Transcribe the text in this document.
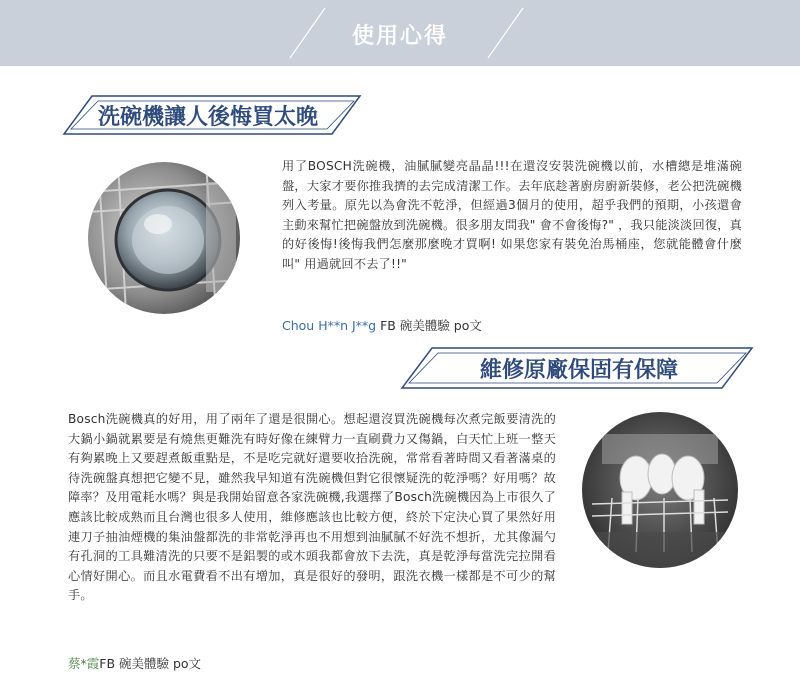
使用心得
洗碗機讓人後悔買太晚
用了BOSCH洗碗機，油膩膩變亮晶晶!!!在還沒安裝洗碗機以前，水槽總是堆滿碗盤，大家才要你推我擠的去完成清潔工作。去年底趁著廚房廚新裝修，老公把洗碗機列入考量。原先以為會洗不乾淨，但經過3個月的使用，超乎我們的預期，小孩還會主動來幫忙把碗盤放到洗碗機。很多朋友問我" 會不會後悔?" ，我只能淡淡回復，真的好後悔!後悔我們怎麼那麼晚才買啊! 如果您家有裝免治馬桶座，您就能體會什麼叫" 用過就回不去了!!"
Chou H**n J**g FB 碗美體驗 po文
維修原廠保固有保障
Bosch洗碗機真的好用，用了兩年了還是很開心。想起還沒買洗碗機每次煮完飯要清洗的大鍋小鍋就累要是有燒焦更難洗有時好像在練臂力一直刷費力又傷鍋，白天忙上班一整天有夠累晚上又要趕煮飯重點是，不是吃完就好還要收拾洗碗，常常看著時間又看著滿桌的待洗碗盤真想把它變不見，雖然我早知道有洗碗機但對它很懷疑洗的乾淨嗎？好用嗎？故障率？及用電耗水嗎？與是我開始留意各家洗碗機,我選擇了Bosch洗碗機因為上市很久了應該比較成熟而且台灣也很多人使用，維修應該也比較方便，終於下定決心買了果然好用連刀子抽油煙機的集油盤都洗的非常乾淨再也不用想到油膩膩不好洗不想折，尤其像漏勺有孔洞的工具難清洗的只要不是鋁製的或木頭我都會放下去洗，真是乾淨每當洗完拉開看心情好開心。而且水電費看不出有增加，真是很好的發明，跟洗衣機一樣都是不可少的幫手。
蔡*霞FB 碗美體驗 po文
